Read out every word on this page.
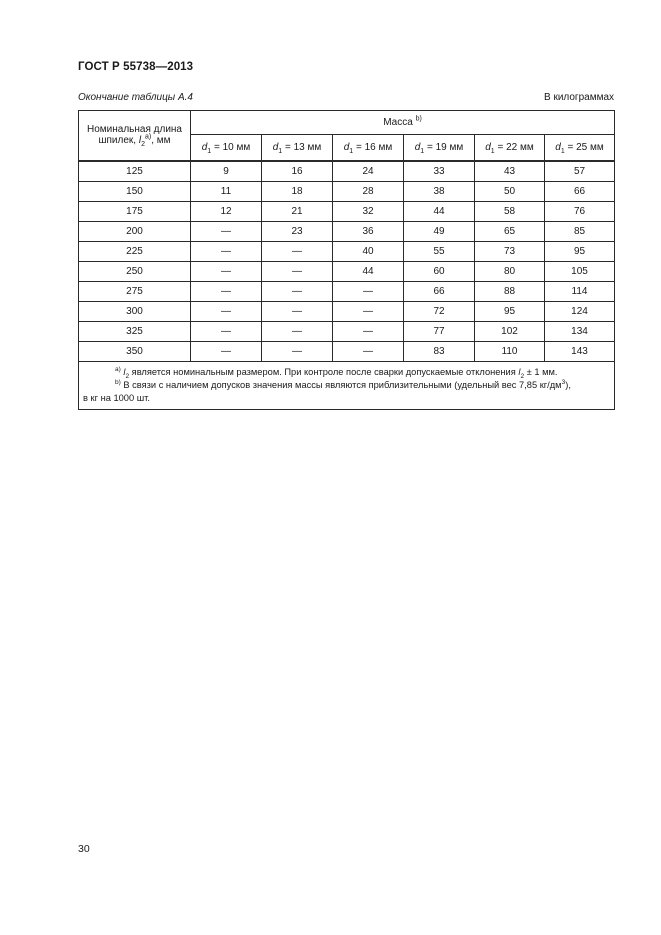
ГОСТ Р 55738—2013
Окончание таблицы А.4	В килограммах
Номинальная длина
шпилек, $l_2^{а)}$, мм	Масса $^{b)}$
	$d_1 = 10$ мм	$d_1 = 13$ мм	$d_1 = 16$ мм	$d_1 = 19$ мм	$d_1 = 22$ мм	$d_1 = 25$ мм
125	9	16	24	33	43	57
150	11	18	28	38	50	66
175	12	21	32	44	58	76
200	—	23	36	49	65	85
225	—	—	40	55	73	95
250	—	—	44	60	80	105
275	—	—	—	66	88	114
300	—	—	—	72	95	124
325	—	—	—	77	102	134
350	—	—	—	83	110	143

$^{а)}$ $l_2$ является номинальным размером. При контроле после сварки допускаемые отклонения $l_2 \pm 1$ мм.
$^{b)}$ В связи с наличием допусков значения массы являются приблизительными (удельный вес 7,85 $кг/дм^3$),
в кг на 1000 шт.						
30
